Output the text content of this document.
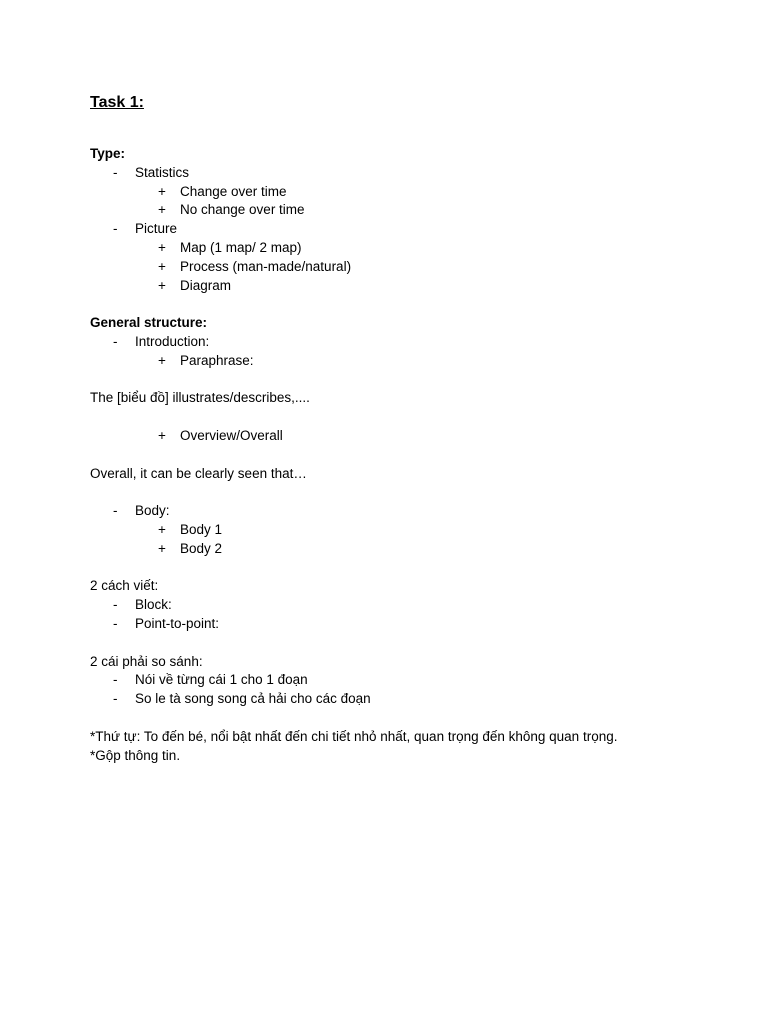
Task 1:
Type:
- Statistics
+ Change over time
+ No change over time
- Picture
+ Map (1 map/ 2 map)
+ Process (man-made/natural)
+ Diagram
General structure:
- Introduction:
+ Paraphrase:
The [biểu đồ] illustrates/describes,....
+ Overview/Overall
Overall, it can be clearly seen that…
- Body:
+ Body 1
+ Body 2
2 cách viết:
- Block:
- Point-to-point:
2 cái phải so sánh:
- Nói về từng cái 1 cho 1 đoạn
- So le tà song song cả hải cho các đoạn
*Thứ tự: To đến bé, nổi bật nhất đến chi tiết nhỏ nhất, quan trọng đến không quan trọng.
*Gộp thông tin.
